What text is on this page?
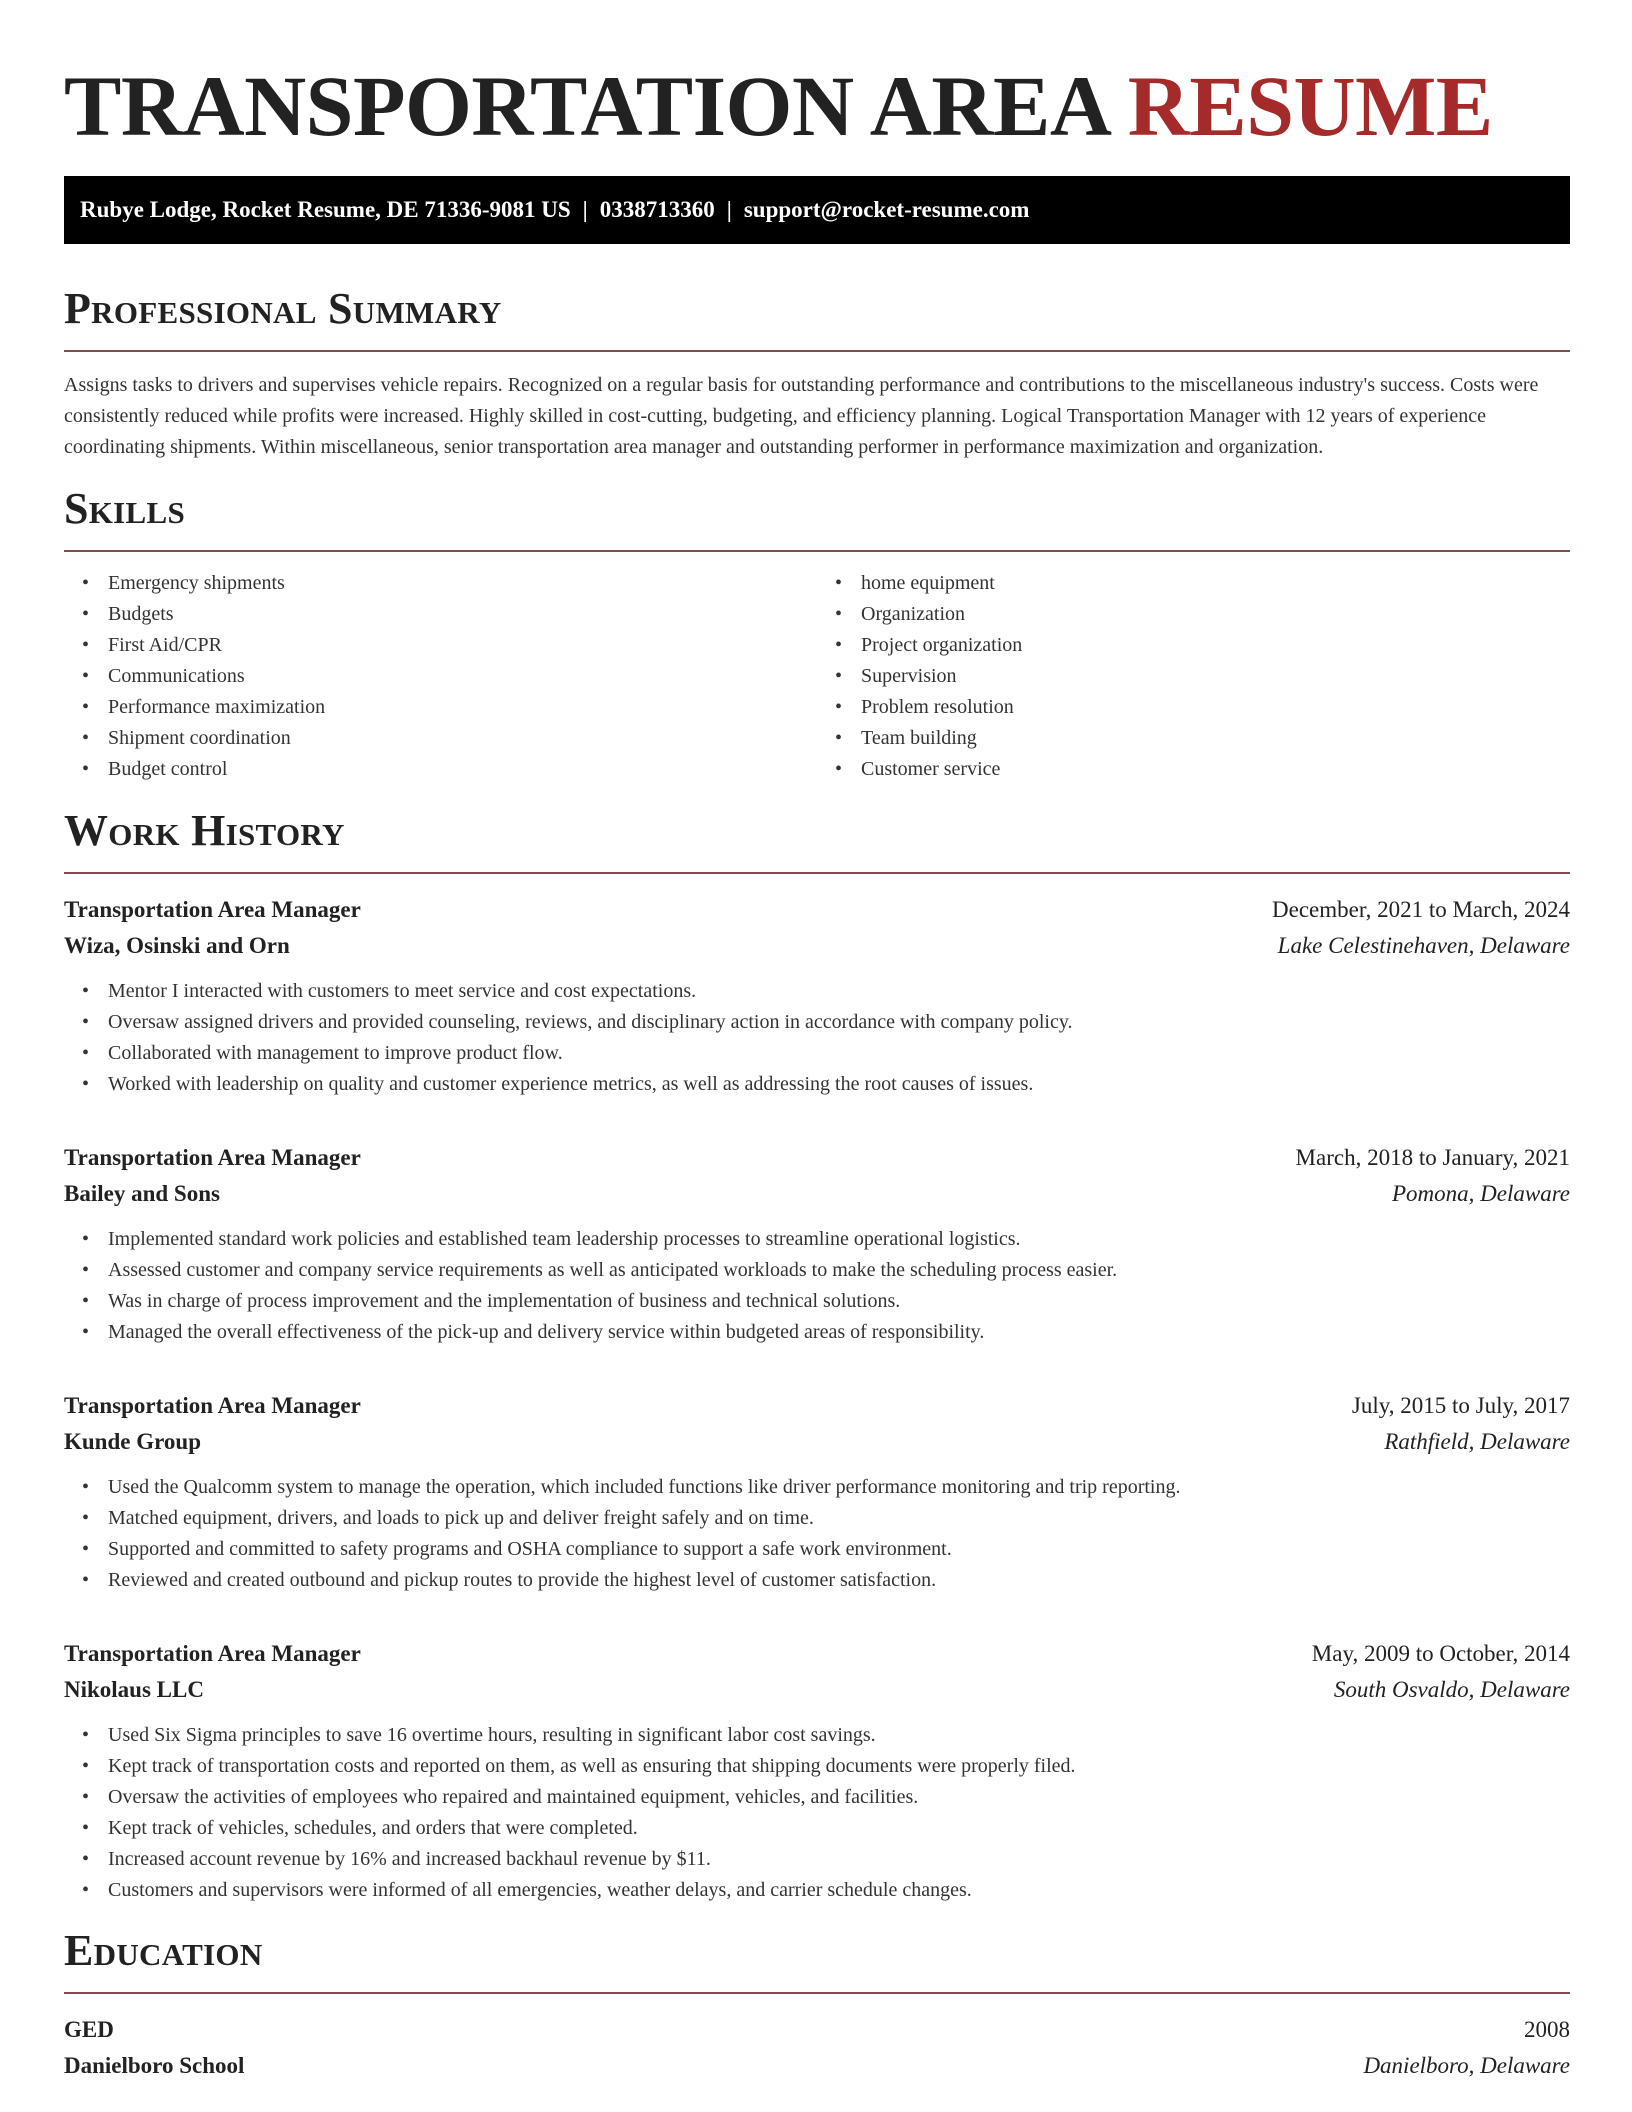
TRANSPORTATION AREA RESUME
Rubye Lodge, Rocket Resume, DE 71336-9081 US | 0338713360 | support@rocket-resume.com
Professional Summary

Assigns tasks to drivers and supervises vehicle repairs. Recognized on a regular basis for outstanding performance and contributions to the miscellaneous industry's success. Costs were consistently reduced while profits were increased. Highly skilled in cost-cutting, budgeting, and efficiency planning. Logical Transportation Manager with 12 years of experience coordinating shipments. Within miscellaneous, senior transportation area manager and outstanding performer in performance maximization and organization.

Skills
• Emergency shipments
• Budgets
• First Aid/CPR
• Communications
• Performance maximization
• Shipment coordination
• Budget control
• home equipment
• Organization
• Project organization
• Supervision
• Problem resolution
• Team building
• Customer service
Work History
Transportation Area Manager	December, 2021 to March, 2024
Wiza, Osinski and Orn	Lake Celestinehaven, Delaware
• Mentor I interacted with customers to meet service and cost expectations.
• Oversaw assigned drivers and provided counseling, reviews, and disciplinary action in accordance with company policy.
• Collaborated with management to improve product flow.
• Worked with leadership on quality and customer experience metrics, as well as addressing the root causes of issues.
Transportation Area Manager	March, 2018 to January, 2021
Bailey and Sons	Pomona, Delaware
• Implemented standard work policies and established team leadership processes to streamline operational logistics.
• Assessed customer and company service requirements as well as anticipated workloads to make the scheduling process easier.
• Was in charge of process improvement and the implementation of business and technical solutions.
• Managed the overall effectiveness of the pick-up and delivery service within budgeted areas of responsibility.
Transportation Area Manager	July, 2015 to July, 2017
Kunde Group	Rathfield, Delaware
• Used the Qualcomm system to manage the operation, which included functions like driver performance monitoring and trip reporting.
• Matched equipment, drivers, and loads to pick up and deliver freight safely and on time.
• Supported and committed to safety programs and OSHA compliance to support a safe work environment.
• Reviewed and created outbound and pickup routes to provide the highest level of customer satisfaction.
Transportation Area Manager	May, 2009 to October, 2014
Nikolaus LLC	South Osvaldo, Delaware
• Used Six Sigma principles to save 16 overtime hours, resulting in significant labor cost savings.
• Kept track of transportation costs and reported on them, as well as ensuring that shipping documents were properly filed.
• Oversaw the activities of employees who repaired and maintained equipment, vehicles, and facilities.
• Kept track of vehicles, schedules, and orders that were completed.
• Increased account revenue by 16% and increased backhaul revenue by $11.
• Customers and supervisors were informed of all emergencies, weather delays, and carrier schedule changes.
Education
GED	2008
Danielboro School	Danielboro, Delaware
